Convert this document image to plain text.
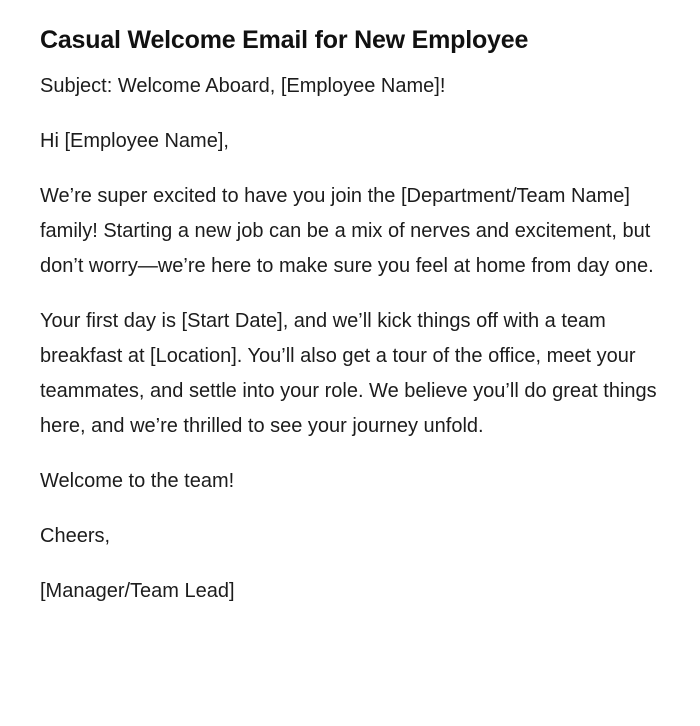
Casual Welcome Email for New Employee

Subject: Welcome Aboard, [Employee Name]!

Hi [Employee Name],

We’re super excited to have you join the [Department/Team Name] family! Starting a new job can be a mix of nerves and excitement, but don’t worry—we’re here to make sure you feel at home from day one.

Your first day is [Start Date], and we’ll kick things off with a team breakfast at [Location]. You’ll also get a tour of the office, meet your teammates, and settle into your role. We believe you’ll do great things here, and we’re thrilled to see your journey unfold.

Welcome to the team!

Cheers,

[Manager/Team Lead]
